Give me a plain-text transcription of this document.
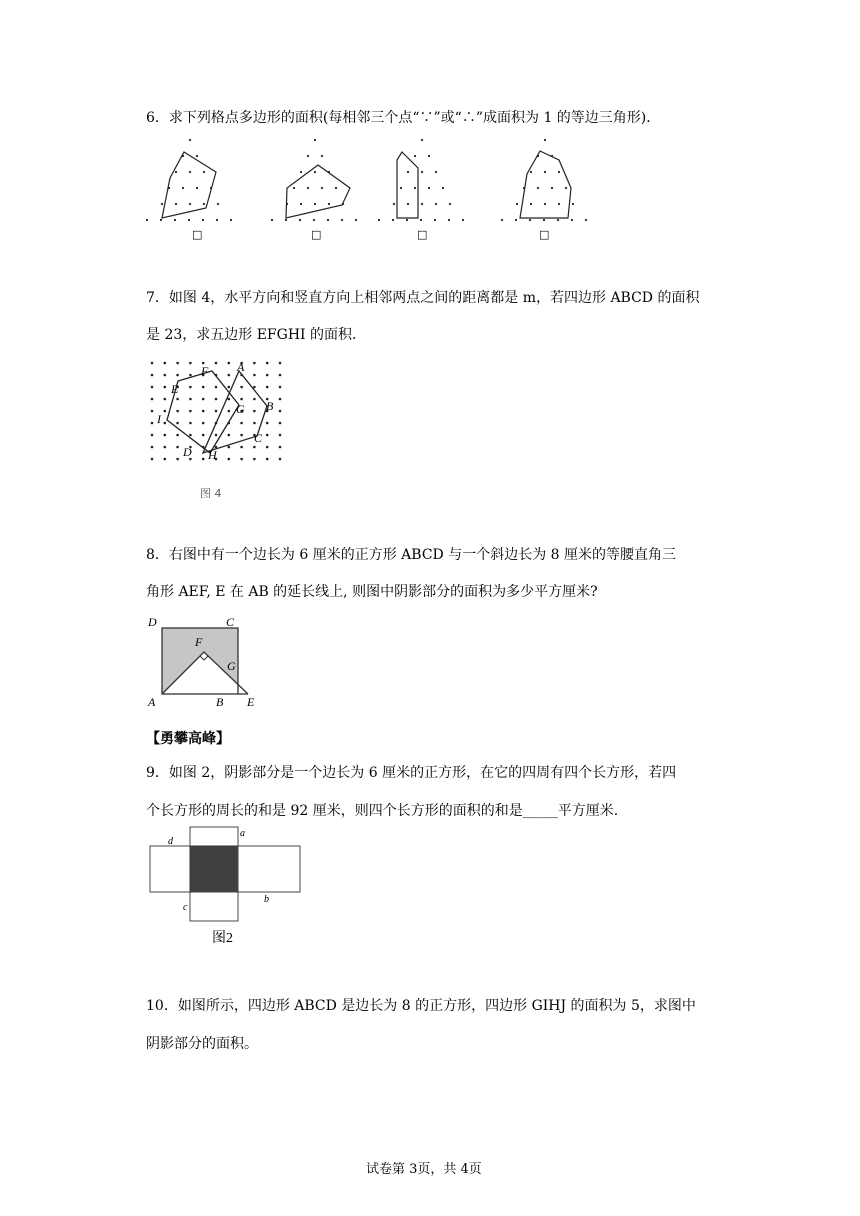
6．求下列格点多边形的面积(每相邻三个点“∵”或“∴”成面积为 1 的等边三角形)．
□	□	□	□
7．如图 4，水平方向和竖直方向上相邻两点之间的距离都是 m，若四边形 ABCD 的面积
是 23，求五边形 EFGHI 的面积．
A
B
C
D
E
F
G
H
I
图 4
8．右图中有一个边长为 6 厘米的正方形 ABCD 与一个斜边长为 8 厘米的等腰直角三
角形 AEF, E 在 AB 的延长线上, 则图中阴影部分的面积为多少平方厘米?
D	C
F
G
A	B E
【勇攀高峰】
9．如图 2，阴影部分是一个边长为 6 厘米的正方形，在它的四周有四个长方形，若四
个长方形的周长的和是 92 厘米，则四个长方形的面积的和是_____平方厘米.
a
d
b
c
图2
10．如图所示，四边形 ABCD 是边长为 8 的正方形，四边形 GIHJ 的面积为 5，求图中
阴影部分的面积。
试卷第 3页，共 4页
